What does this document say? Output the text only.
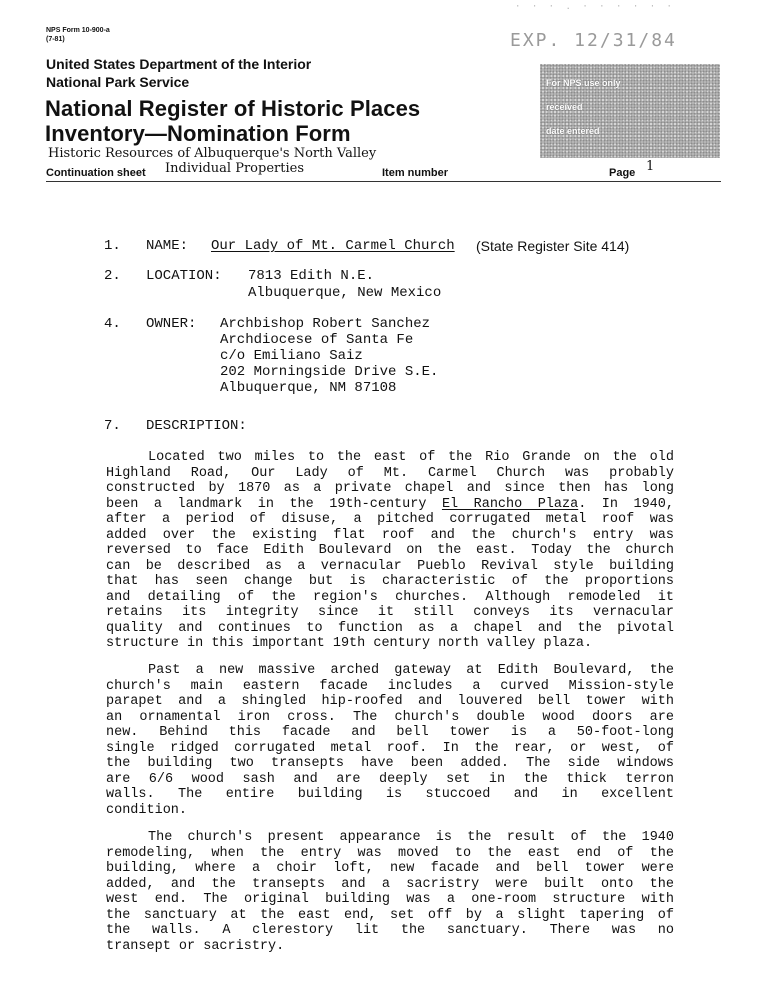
NPS Form 10-900-a
(7-81)
· · · . · · · · · ·
EXP. 12/31/84
United States Department of the Interior
National Park Service
National Register of Historic Places
Inventory—Nomination Form
Historic Resources of Albuquerque's North Valley
For NPS use only
received
date entered
Continuation sheet Individual Properties	Item number	Page 1
1. NAME: Our Lady of Mt. Carmel Church (State Register Site 414)
2. LOCATION: 7813 Edith N.E.
Albuquerque, New Mexico
4. OWNER: Archbishop Robert Sanchez
Archdiocese of Santa Fe
c/o Emiliano Saiz
202 Morningside Drive S.E.
Albuquerque, NM 87108
7. DESCRIPTION:
Located two miles to the east of the Rio Grande on the old
Highland Road, Our Lady of Mt. Carmel Church was probably
constructed by 1870 as a private chapel and since then has long
been a landmark in the 19th-century El Rancho Plaza. In 1940,
after a period of disuse, a pitched corrugated metal roof was
added over the existing flat roof and the church's entry was
reversed to face Edith Boulevard on the east. Today the church
can be described as a vernacular Pueblo Revival style building
that has seen change but is characteristic of the proportions
and detailing of the region's churches. Although remodeled it
retains its integrity since it still conveys its vernacular
quality and continues to function as a chapel and the pivotal
structure in this important 19th century north valley plaza.
Past a new massive arched gateway at Edith Boulevard, the
church's main eastern facade includes a curved Mission-style
parapet and a shingled hip-roofed and louvered bell tower with
an ornamental iron cross. The church's double wood doors are
new. Behind this facade and bell tower is a 50-foot-long
single ridged corrugated metal roof. In the rear, or west, of
the building two transepts have been added. The side windows
are 6/6 wood sash and are deeply set in the thick terron
walls. The entire building is stuccoed and in excellent
condition.
The church's present appearance is the result of the 1940
remodeling, when the entry was moved to the east end of the
building, where a choir loft, new facade and bell tower were
added, and the transepts and a sacristry were built onto the
west end. The original building was a one-room structure with
the sanctuary at the east end, set off by a slight tapering of
the walls. A clerestory lit the sanctuary. There was no
transept or sacristry.
